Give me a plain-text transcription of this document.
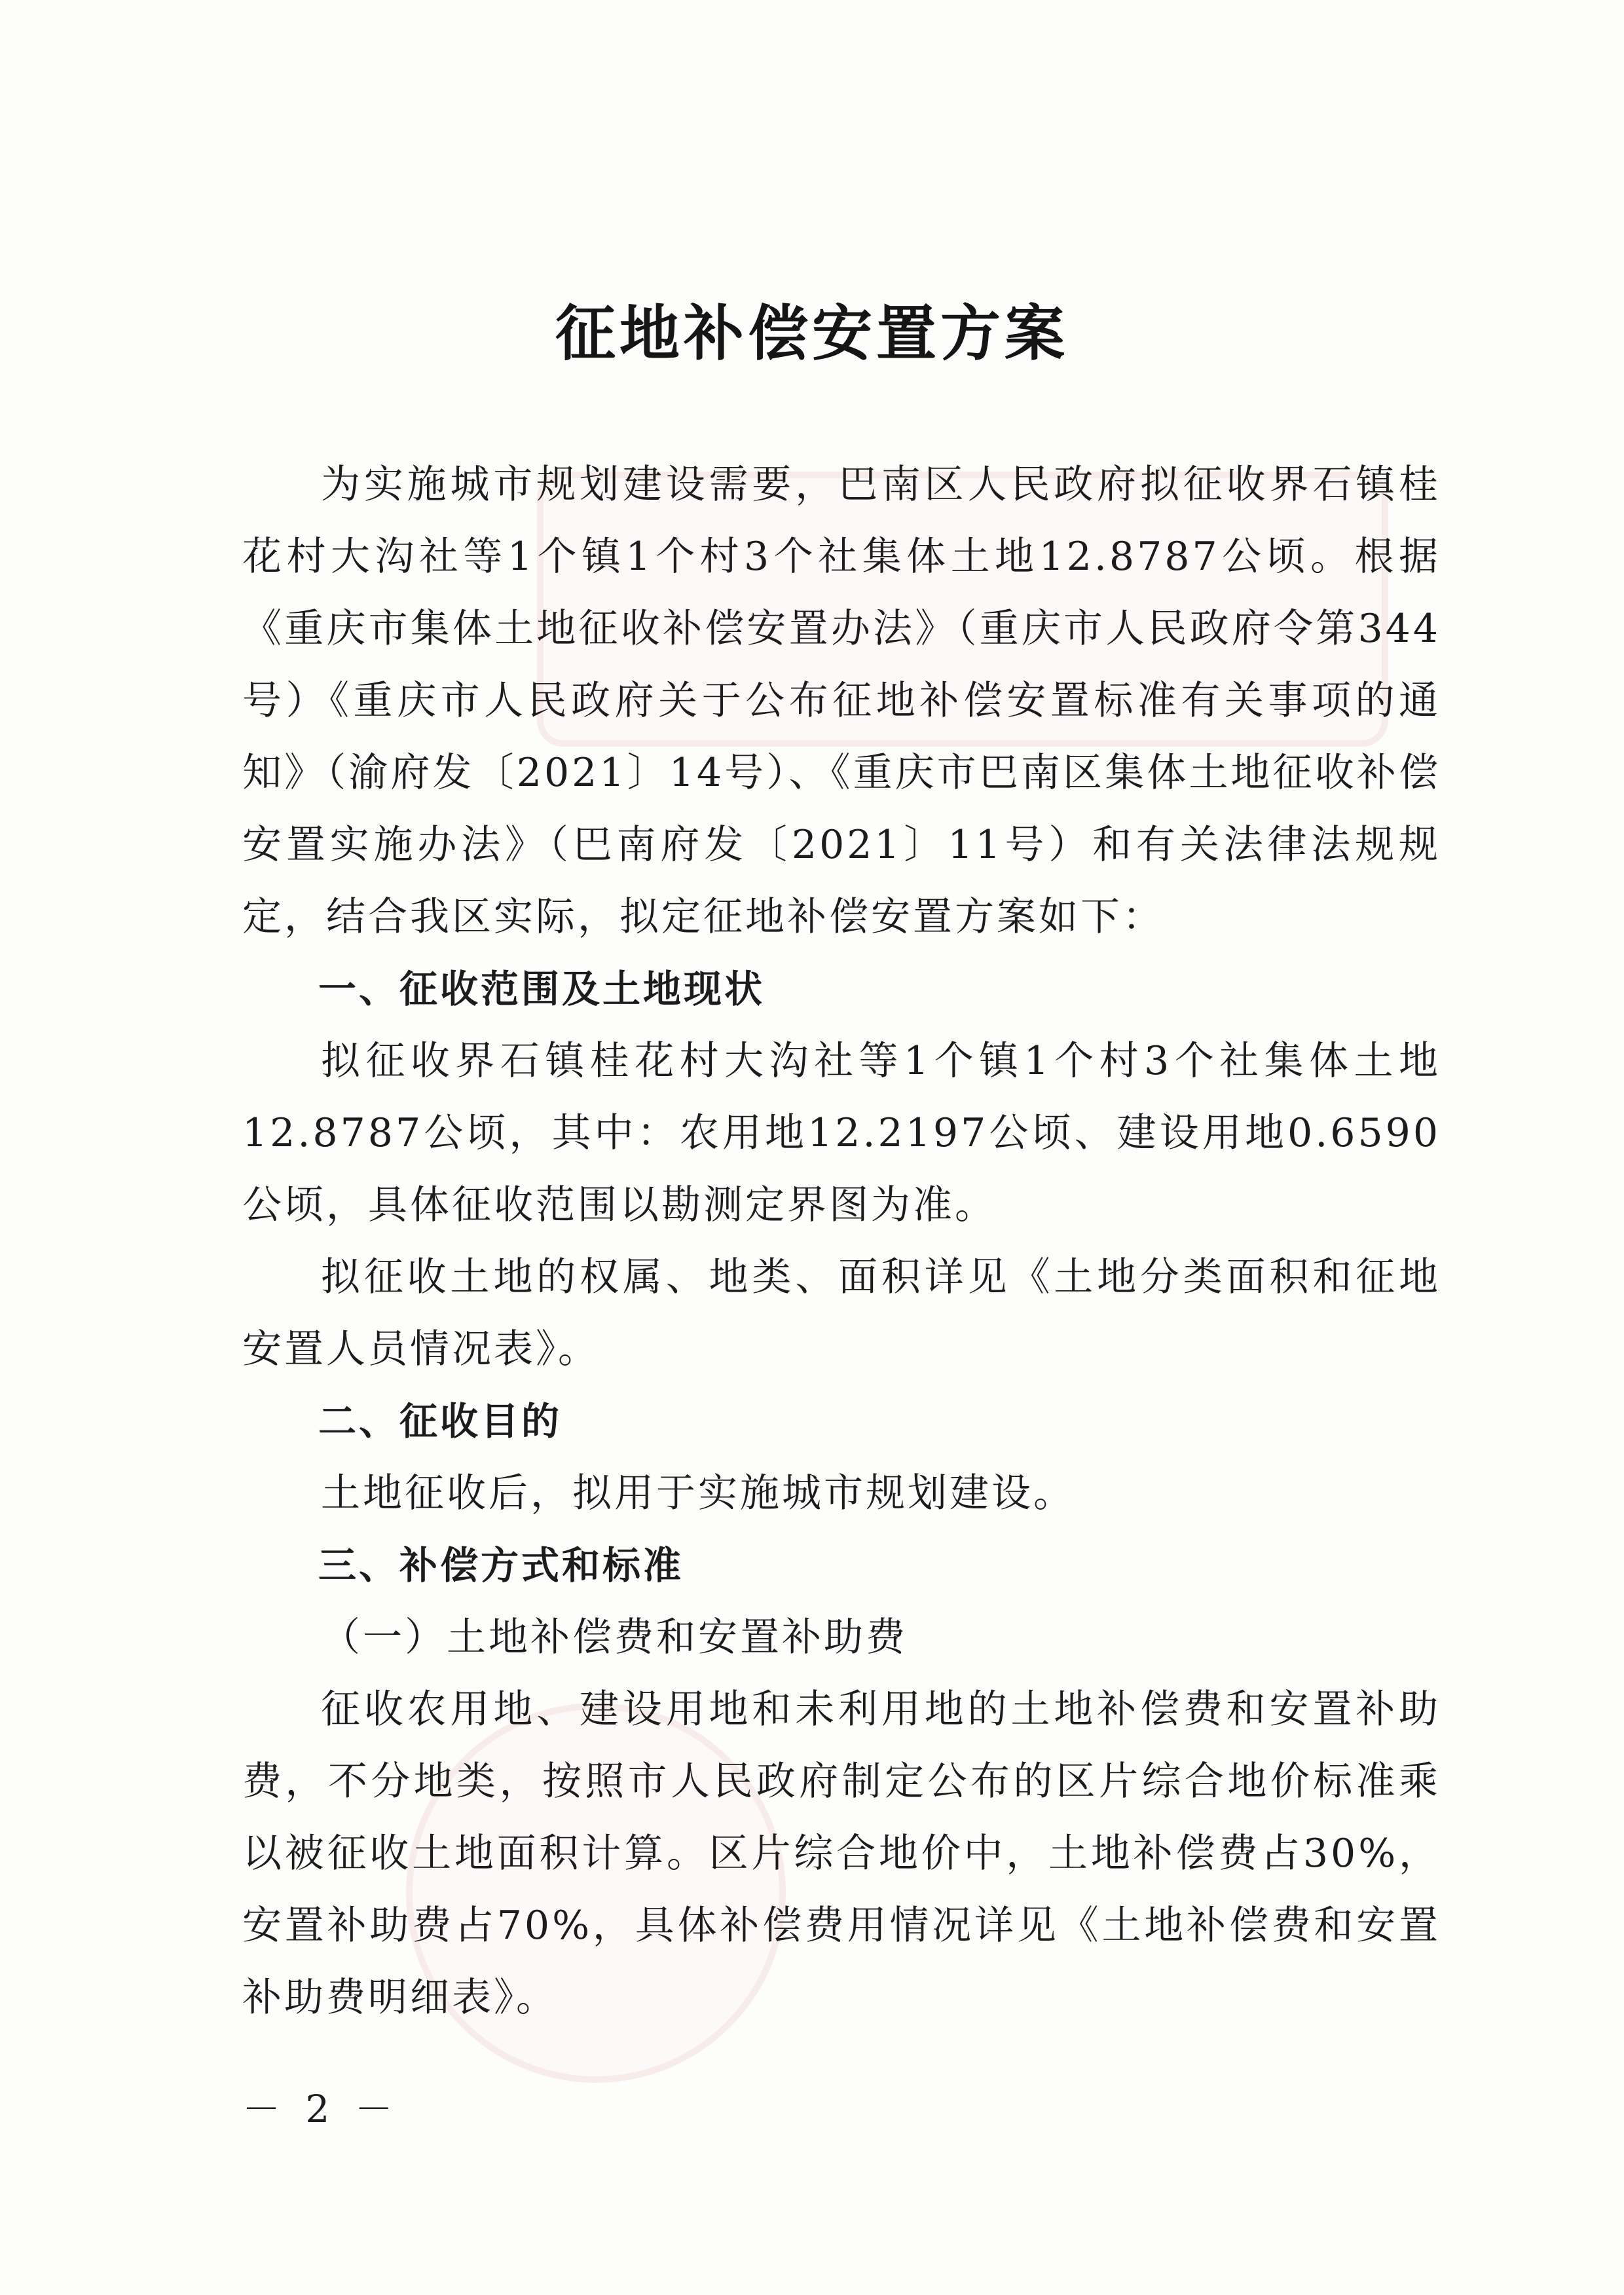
征地补偿安置方案

为实施城市规划建设需要，巴南区人民政府拟征收界石镇桂花村大沟社等1个镇1个村3个社集体土地12.8787公顷。根据《重庆市集体土地征收补偿安置办法》（重庆市人民政府令第344号）《重庆市人民政府关于公布征地补偿安置标准有关事项的通知》（渝府发〔2021〕14号）、《重庆市巴南区集体土地征收补偿安置实施办法》（巴南府发〔2021〕11号）和有关法律法规规定，结合我区实际，拟定征地补偿安置方案如下：

一、征收范围及土地现状

拟征收界石镇桂花村大沟社等1个镇1个村3个社集体土地12.8787公顷，其中：农用地12.2197公顷、建设用地0.6590公顷，具体征收范围以勘测定界图为准。

拟征收土地的权属、地类、面积详见《土地分类面积和征地安置人员情况表》。

二、征收目的

土地征收后，拟用于实施城市规划建设。

三、补偿方式和标准

（一）土地补偿费和安置补助费

征收农用地、建设用地和未利用地的土地补偿费和安置补助费，不分地类，按照市人民政府制定公布的区片综合地价标准乘以被征收土地面积计算。区片综合地价中，土地补偿费占30%，安置补助费占70%，具体补偿费用情况详见《土地补偿费和安置补助费明细表》。

－ 2 －
